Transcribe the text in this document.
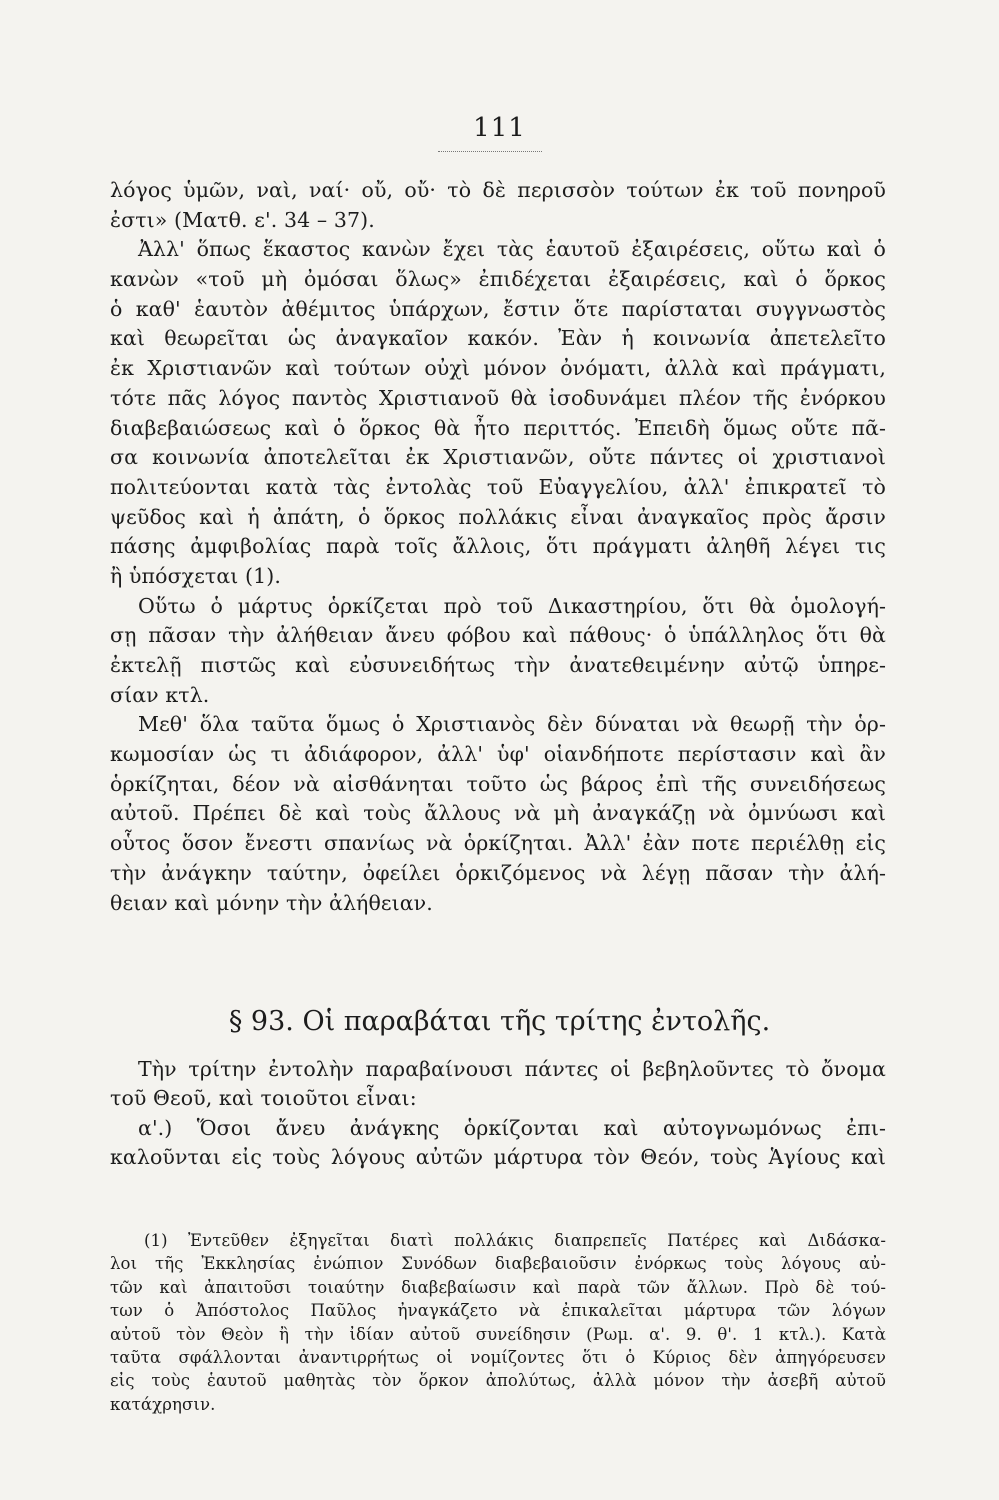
111
λόγος ὑμῶν, ναὶ, ναί· οὔ, οὔ· τὸ δὲ περισσὸν τούτων ἐκ τοῦ πονηροῦ
ἐστι» (Ματθ. ε'. 34 – 37).
Ἀλλ' ὅπως ἕκαστος κανὼν ἔχει τὰς ἑαυτοῦ ἐξαιρέσεις, οὕτω καὶ ὁ
κανὼν «τοῦ μὴ ὀμόσαι ὅλως» ἐπιδέχεται ἐξαιρέσεις, καὶ ὁ ὅρκος
ὁ καθ' ἑαυτὸν ἀθέμιτος ὑπάρχων, ἔστιν ὅτε παρίσταται συγγνωστὸς
καὶ θεωρεῖται ὡς ἀναγκαῖον κακόν. Ἐὰν ἡ κοινωνία ἀπετελεῖτο
ἐκ Χριστιανῶν καὶ τούτων οὐχὶ μόνον ὀνόματι, ἀλλὰ καὶ πράγματι,
τότε πᾶς λόγος παντὸς Χριστιανοῦ θὰ ἰσοδυνάμει πλέον τῆς ἐνόρκου
διαβεβαιώσεως καὶ ὁ ὅρκος θὰ ἦτο περιττός. Ἐπειδὴ ὅμως οὔτε πᾶ-
σα κοινωνία ἀποτελεῖται ἐκ Χριστιανῶν, οὔτε πάντες οἱ χριστιανοὶ
πολιτεύονται κατὰ τὰς ἐντολὰς τοῦ Εὐαγγελίου, ἀλλ' ἐπικρατεῖ τὸ
ψεῦδος καὶ ἡ ἀπάτη, ὁ ὅρκος πολλάκις εἶναι ἀναγκαῖος πρὸς ἄρσιν
πάσης ἀμφιβολίας παρὰ τοῖς ἄλλοις, ὅτι πράγματι ἀληθῆ λέγει τις
ἢ ὑπόσχεται (1).
Οὕτω ὁ μάρτυς ὁρκίζεται πρὸ τοῦ Δικαστηρίου, ὅτι θὰ ὁμολογή-
σῃ πᾶσαν τὴν ἀλήθειαν ἄνευ φόβου καὶ πάθους· ὁ ὑπάλληλος ὅτι θὰ
ἐκτελῇ πιστῶς καὶ εὐσυνειδήτως τὴν ἀνατεθειμένην αὐτῷ ὑπηρε-
σίαν κτλ.
Μεθ' ὅλα ταῦτα ὅμως ὁ Χριστιανὸς δὲν δύναται νὰ θεωρῇ τὴν ὁρ-
κωμοσίαν ὡς τι ἀδιάφορον, ἀλλ' ὑφ' οἱανδήποτε περίστασιν καὶ ἂν
ὁρκίζηται, δέον νὰ αἰσθάνηται τοῦτο ὡς βάρος ἐπὶ τῆς συνειδήσεως
αὐτοῦ. Πρέπει δὲ καὶ τοὺς ἄλλους νὰ μὴ ἀναγκάζῃ νὰ ὀμνύωσι καὶ
οὗτος ὅσον ἔνεστι σπανίως νὰ ὁρκίζηται. Ἀλλ' ἐὰν ποτε περιέλθῃ εἰς
τὴν ἀνάγκην ταύτην, ὀφείλει ὁρκιζόμενος νὰ λέγῃ πᾶσαν τὴν ἀλή-
θειαν καὶ μόνην τὴν ἀλήθειαν.
§ 93. Οἱ παραβάται τῆς τρίτης ἐντολῆς.
Τὴν τρίτην ἐντολὴν παραβαίνουσι πάντες οἱ βεβηλοῦντες τὸ ὄνομα
τοῦ Θεοῦ, καὶ τοιοῦτοι εἶναι:
α'.) Ὅσοι ἄνευ ἀνάγκης ὁρκίζονται καὶ αὐτογνωμόνως ἐπι-
καλοῦνται εἰς τοὺς λόγους αὐτῶν μάρτυρα τὸν Θεόν, τοὺς Ἁγίους καὶ
(1) Ἐντεῦθεν ἐξηγεῖται διατὶ πολλάκις διαπρεπεῖς Πατέρες καὶ Διδάσκα-
λοι τῆς Ἐκκλησίας ἐνώπιον Συνόδων διαβεβαιοῦσιν ἐνόρκως τοὺς λόγους αὐ-
τῶν καὶ ἀπαιτοῦσι τοιαύτην διαβεβαίωσιν καὶ παρὰ τῶν ἄλλων. Πρὸ δὲ τού-
των ὁ Ἀπόστολος Παῦλος ἠναγκάζετο νὰ ἐπικαλεῖται μάρτυρα τῶν λόγων
αὐτοῦ τὸν Θεὸν ἢ τὴν ἰδίαν αὐτοῦ συνείδησιν (Ρωμ. α'. 9. θ'. 1 κτλ.). Κατὰ
ταῦτα σφάλλονται ἀναντιρρήτως οἱ νομίζοντες ὅτι ὁ Κύριος δὲν ἀπηγόρευσεν
εἰς τοὺς ἑαυτοῦ μαθητὰς τὸν ὅρκον ἀπολύτως, ἀλλὰ μόνον τὴν ἀσεβῆ αὐτοῦ
κατάχρησιν.
